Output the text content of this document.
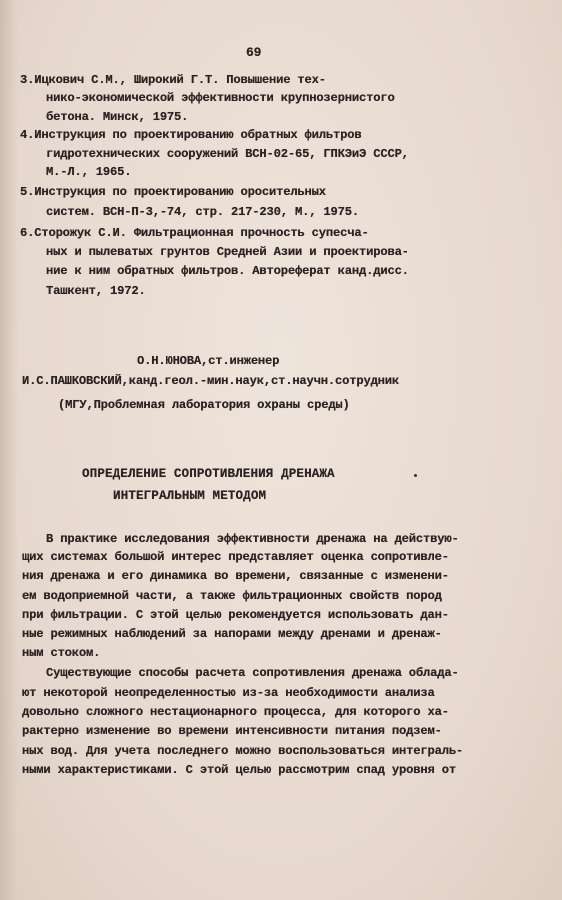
69
3.Ицкович С.М., Широкий Г.Т. Повышение тех-
нико-экономической эффективности крупнозернистого
бетона. Минск, 1975.
4.Инструкция по проектированию обратных фильтров
гидротехнических сооружений ВСН-02-65, ГПКЭиЭ СССР,
М.-Л., 1965.
5.Инструкция по проектированию оросительных
систем. ВСН-П-3,-74, стр. 217-230, М., 1975.
6.Сторожук С.И. Фильтрационная прочность супесча-
ных и пылеватых грунтов Средней Азии и проектирова-
ние к ним обратных фильтров. Автореферат канд.дисс.
Ташкент, 1972.
О.Н.ЮНОВА,ст.инженер
И.С.ПАШКОВСКИЙ,канд.геол.-мин.наук,ст.научн.сотрудник
(МГУ,Проблемная лаборатория охраны среды)
ОПРЕДЕЛЕНИЕ СОПРОТИВЛЕНИЯ ДРЕНАЖА
ИНТЕГРАЛЬНЫМ МЕТОДОМ
В практике исследования эффективности дренажа на действую-
щих системах большой интерес представляет оценка сопротивле-
ния дренажа и его динамика во времени, связанные с изменени-
ем водоприемной части, а также фильтрационных свойств пород
при фильтрации. С этой целью рекомендуется использовать дан-
ные режимных наблюдений за напорами между дренами и дренаж-
ным стоком.
Существующие способы расчета сопротивления дренажа облада-
ют некоторой неопределенностью из-за необходимости анализа
довольно сложного нестационарного процесса, для которого ха-
рактерно изменение во времени интенсивности питания подзем-
ных вод. Для учета последнего можно воспользоваться интеграль-
ными характеристиками. С этой целью рассмотрим спад уровня от
